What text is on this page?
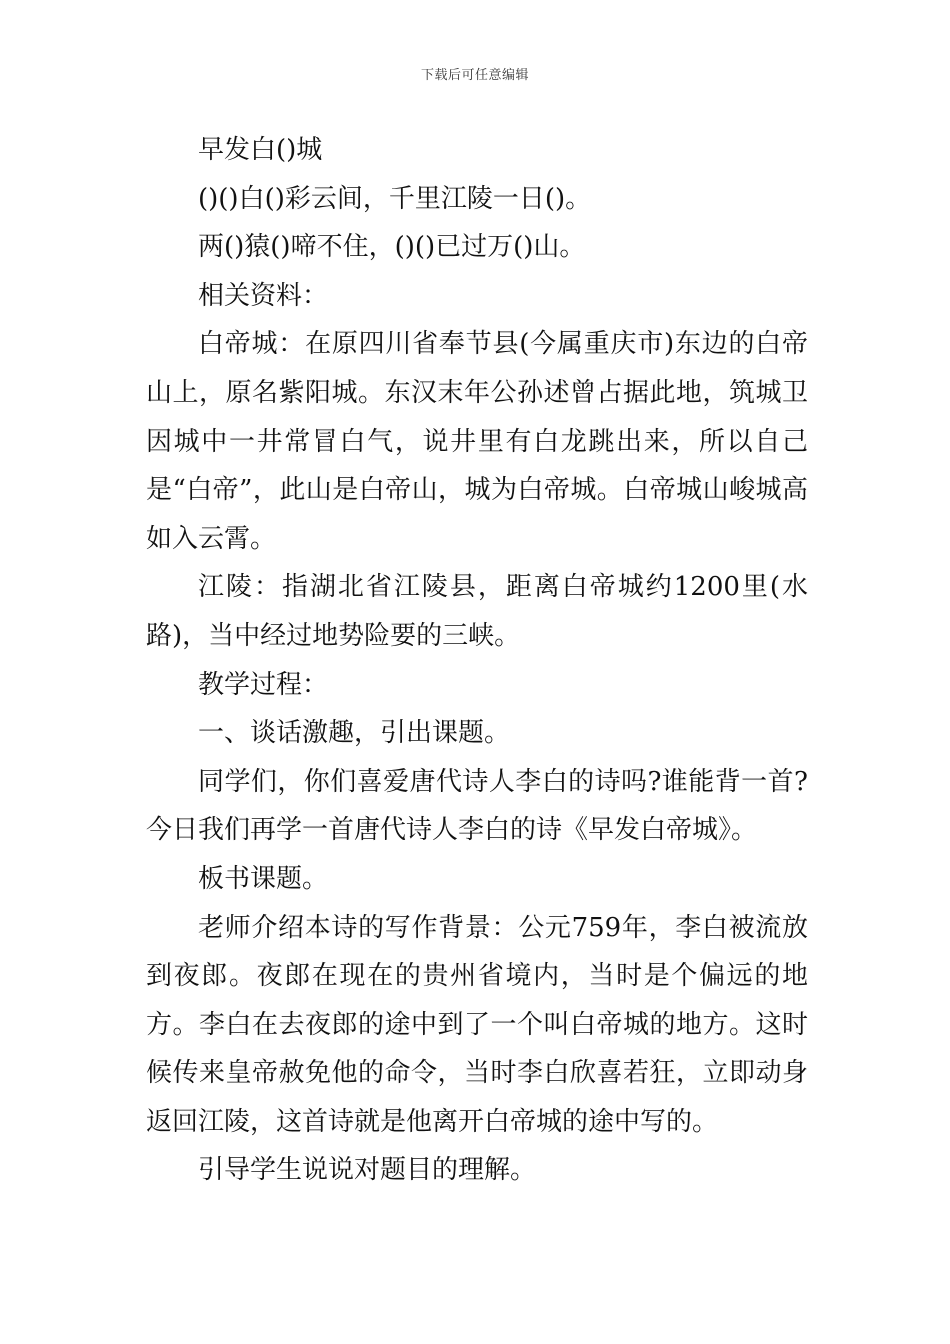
下载后可任意编辑

早发白()城

()()白()彩云间，千里江陵一日()。

两()猿()啼不住，()()已过万()山。

相关资料：

白帝城：在原四川省奉节县(今属重庆市)东边的白帝山上，原名紫阳城。东汉末年公孙述曾占据此地，筑城卫因城中一井常冒白气，说井里有白龙跳出来，所以自己是“白帝”，此山是白帝山，城为白帝城。白帝城山峻城高如入云霄。

江陵：指湖北省江陵县，距离白帝城约1200里(水路)，当中经过地势险要的三峡。

教学过程：

一、谈话激趣，引出课题。

同学们，你们喜爱唐代诗人李白的诗吗?谁能背一首?今日我们再学一首唐代诗人李白的诗《早发白帝城》。

板书课题。

老师介绍本诗的写作背景：公元759年，李白被流放到夜郎。夜郎在现在的贵州省境内，当时是个偏远的地方。李白在去夜郎的途中到了一个叫白帝城的地方。这时候传来皇帝赦免他的命令，当时李白欣喜若狂，立即动身返回江陵，这首诗就是他离开白帝城的途中写的。

引导学生说说对题目的理解。
